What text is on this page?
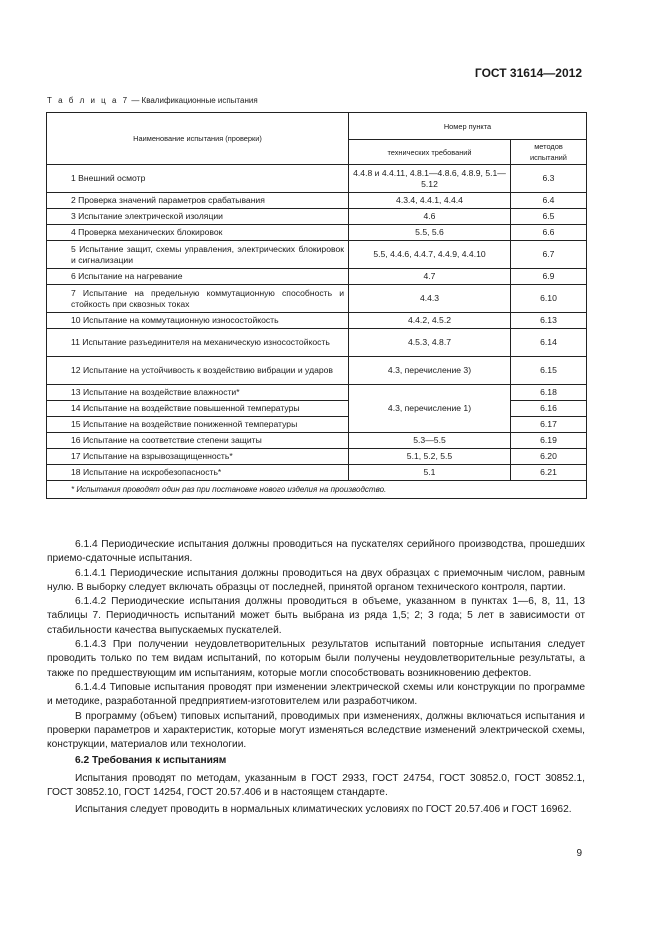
ГОСТ 31614—2012
Т а б л и ц а 7 — Квалификационные испытания
Наименование испытания (проверки)	Номер пункта	
	технических требований	методов испытаний

1 Внешний осмотр	4.4.8 и 4.4.11, 4.8.1—4.8.6, 4.8.9, 5.1—5.12	6.3

2 Проверка значений параметров срабатывания	4.3.4, 4.4.1, 4.4.4	6.4

3 Испытание электрической изоляции	4.6	6.5

4 Проверка механических блокировок	5.5, 5.6	6.6

5 Испытание защит, схемы управления, электрических блокировок и сигнализации	5.5, 4.4.6, 4.4.7, 4.4.9, 4.4.10	6.7

6 Испытание на нагревание	4.7	6.9

7 Испытание на предельную коммутационную способность и стойкость при сквозных токах	4.4.3	6.10

10 Испытание на коммутационную износостойкость	4.4.2, 4.5.2	6.13

11 Испытание разъединителя на механическую износостойкость	4.5.3, 4.8.7	6.14

12 Испытание на устойчивость к воздействию вибрации и ударов	4.3, перечисление 3)	6.15

13 Испытание на воздействие влажности*	4.3, перечисление 1)	6.18

14 Испытание на воздействие повышенной температуры		6.16

15 Испытание на воздействие пониженной температуры		6.17

16 Испытание на соответствие степени защиты	5.3—5.5	6.19

17 Испытание на взрывозащищенность*	5.1, 5.2, 5.5	6.20

18 Испытание на искробезопасность*	5.1	6.21
* Испытания проводят один раз при постановке нового изделия на производство.		

6.1.4 Периодические испытания должны проводиться на пускателях серийного производства, прошедших приемо-сдаточные испытания.

6.1.4.1 Периодические испытания должны проводиться на двух образцах с приемочным числом, равным нулю. В выборку следует включать образцы от последней, принятой органом технического контроля, партии.

6.1.4.2 Периодические испытания должны проводиться в объеме, указанном в пунктах 1—6, 8, 11, 13 таблицы 7. Периодичность испытаний может быть выбрана из ряда 1,5; 2; 3 года; 5 лет в зависимости от стабильности качества выпускаемых пускателей.

6.1.4.3 При получении неудовлетворительных результатов испытаний повторные испытания следует проводить только по тем видам испытаний, по которым были получены неудовлетворительные результаты, а также по предшествующим им испытаниям, которые могли способствовать возникновению дефектов.

6.1.4.4 Типовые испытания проводят при изменении электрической схемы или конструкции по программе и методике, разработанной предприятием-изготовителем или разработчиком.

В программу (объем) типовых испытаний, проводимых при изменениях, должны включаться испытания и проверки параметров и характеристик, которые могут изменяться вследствие изменений электрической схемы, конструкции, материалов или технологии.

6.2 Требования к испытаниям

Испытания проводят по методам, указанным в ГОСТ 2933, ГОСТ 24754, ГОСТ 30852.0, ГОСТ 30852.1, ГОСТ 30852.10, ГОСТ 14254, ГОСТ 20.57.406 и в настоящем стандарте.

Испытания следует проводить в нормальных климатических условиях по ГОСТ 20.57.406 и ГОСТ 16962.

9
